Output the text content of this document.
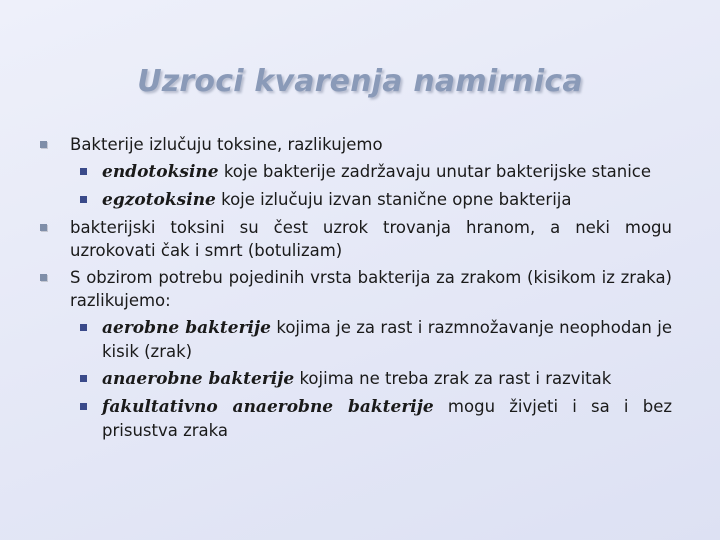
Uzroci kvarenja namirnica
Bakterije izlučuju toksine, razlikujemo
endotoksine koje bakterije zadržavaju unutar bakterijske stanice
egzotoksine koje izlučuju izvan stanične opne bakterija
bakterijski toksini su čest uzrok trovanja hranom, a neki mogu uzrokovati čak i smrt (botulizam)
S obzirom potrebu pojedinih vrsta bakterija za zrakom (kisikom iz zraka) razlikujemo:
aerobne bakterije kojima je za rast i razmnožavanje neophodan je kisik (zrak)
anaerobne bakterije kojima ne treba zrak za rast i razvitak
fakultativno anaerobne bakterije mogu živjeti i sa i bez prisustva zraka
